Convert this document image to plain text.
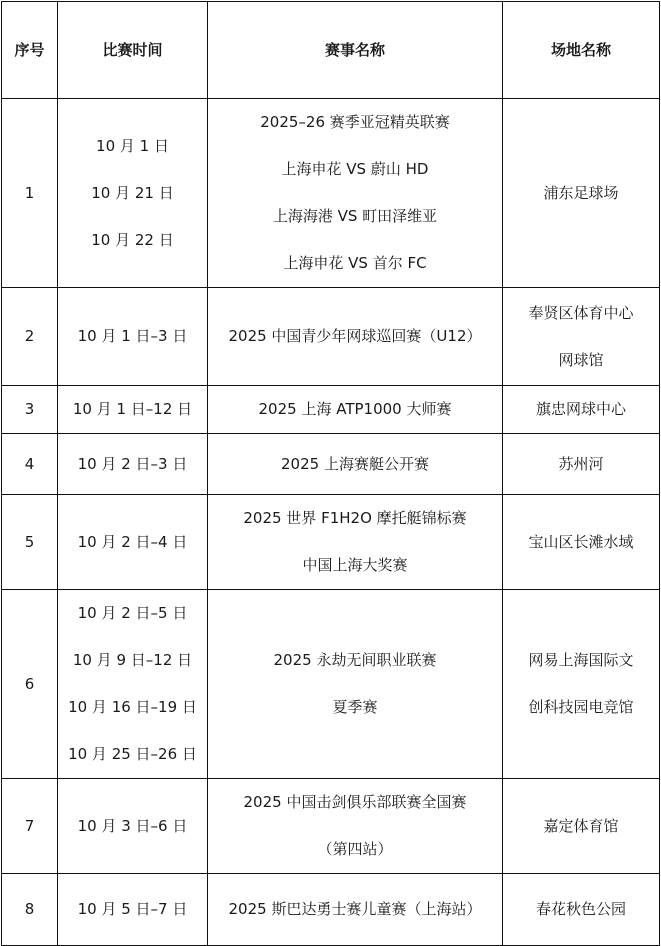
序号	比赛时间	赛事名称	场地名称
1	10 月 1 日
10 月 21 日
10 月 22 日	2025–26 赛季亚冠精英联赛
上海申花 VS 蔚山 HD
上海海港 VS 町田泽维亚
上海申花 VS 首尔 FC	浦东足球场

2	10 月 1 日–3 日	2025 中国青少年网球巡回赛（U12）	奉贤区体育中心
网球馆

3	10 月 1 日–12 日	2025 上海 ATP1000 大师赛	旗忠网球中心

4	10 月 2 日–3 日	2025 上海赛艇公开赛	苏州河

5	10 月 2 日–4 日	2025 世界 F1H2O 摩托艇锦标赛
中国上海大奖赛	宝山区长滩水域

6	10 月 2 日–5 日
10 月 9 日–12 日
10 月 16 日–19 日
10 月 25 日–26 日	2025 永劫无间职业联赛
夏季赛	网易上海国际文
创科技园电竞馆

7	10 月 3 日–6 日	2025 中国击剑俱乐部联赛全国赛
（第四站）	嘉定体育馆

8	10 月 5 日–7 日	2025 斯巴达勇士赛儿童赛（上海站）	春花秋色公园
